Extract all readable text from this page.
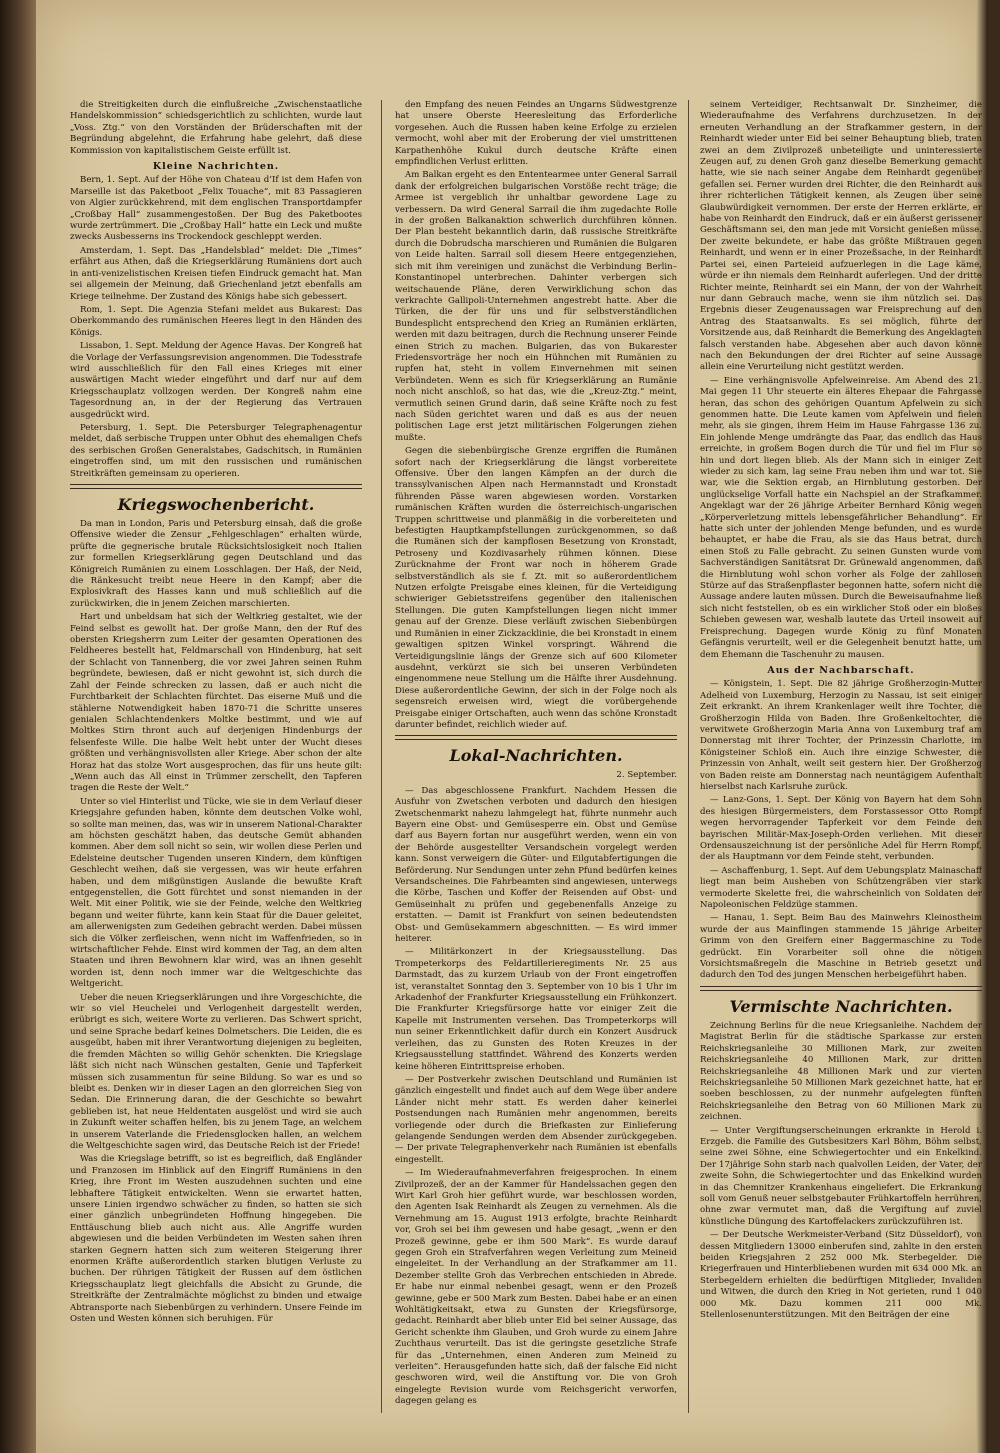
die Streitigkeiten durch die einflußreiche „Zwischenstaatliche Handelskommission“ schiedsgerichtlich zu schlichten, wurde laut „Voss. Ztg.“ von den Vorständen der Brüderschaften mit der Begründung abgelehnt, die Erfahrung habe gelehrt, daß diese Kommission von kapitalistischem Geiste erfüllt ist.

Kleine Nachrichten.

Bern, 1. Sept. Auf der Höhe von Chateau d’If ist dem Hafen von Marseille ist das Paketboot „Felix Touache“, mit 83 Passagieren von Algier zurückkehrend, mit dem englischen Transportdampfer „Croßbay Hall“ zusammengestoßen. Der Bug des Paketbootes wurde zertrümmert. Die „Croßbay Hall“ hatte ein Leck und mußte zwecks Ausbesserns ins Trockendock geschleppt werden.

Amsterdam, 1. Sept. Das „Handelsblad“ meldet: Die „Times“ erfährt aus Athen, daß die Kriegserklärung Rumäniens dort auch in anti-venizelistischen Kreisen tiefen Eindruck gemacht hat. Man sei allgemein der Meinung, daß Griechenland jetzt ebenfalls am Kriege teilnehme. Der Zustand des Königs habe sich gebessert.

Rom, 1. Sept. Die Agenzia Stefani meldet aus Bukarest: Das Oberkommando des rumänischen Heeres liegt in den Händen des Königs.

Lissabon, 1. Sept. Meldung der Agence Havas. Der Kongreß hat die Vorlage der Verfassungsrevision angenommen. Die Todesstrafe wird ausschließlich für den Fall eines Krieges mit einer auswärtigen Macht wieder eingeführt und darf nur auf dem Kriegsschauplatz vollzogen werden. Der Kongreß nahm eine Tagesordnung an, in der der Regierung das Vertrauen ausgedrückt wird.

Petersburg, 1. Sept. Die Petersburger Telegraphenagentur meldet, daß serbische Truppen unter Obhut des ehemaligen Chefs des serbischen Großen Generalstabes, Gadschitsch, in Rumänien eingetroffen sind, um mit den russischen und rumänischen Streitkräften gemeinsam zu operieren.

Kriegswochenbericht.

Da man in London, Paris und Petersburg einsah, daß die große Offensive wieder die Zensur „Fehlgeschlagen“ erhalten würde, prüfte die gegnerische brutale Rücksichtslosigkeit noch Italien zur formellen Kriegserklärung gegen Deutschland und das Königreich Rumänien zu einem Losschlagen. Der Haß, der Neid, die Ränkesucht treibt neue Heere in den Kampf; aber die Explosivkraft des Hasses kann und muß schließlich auf die zurückwirken, die in jenem Zeichen marschierten.

Hart und unbeldsam hat sich der Weltkrieg gestaltet, wie der Feind selbst es gewollt hat. Der große Mann, den der Ruf des obersten Kriegsherrn zum Leiter der gesamten Operationen des Feldheeres bestellt hat, Feldmarschall von Hindenburg, hat seit der Schlacht von Tannenberg, die vor zwei Jahren seinen Ruhm begründete, bewiesen, daß er nicht gewohnt ist, sich durch die Zahl der Feinde schrecken zu lassen, daß er auch nicht die Furchtbarkeit der Schlachten fürchtet. Das eiserne Muß und die stählerne Notwendigkeit haben 1870-71 die Schritte unseres genialen Schlachtendenkers Moltke bestimmt, und wie auf Moltkes Stirn thront auch auf derjenigen Hindenburgs der felsenfeste Wille. Die halbe Welt hebt unter der Wucht dieses größten und verhängnisvollsten aller Kriege. Aber schon der alte Horaz hat das stolze Wort ausgesprochen, das für uns heute gilt: „Wenn auch das All einst in Trümmer zerschellt, den Tapferen tragen die Reste der Welt.“

Unter so viel Hinterlist und Tücke, wie sie in dem Verlauf dieser Kriegsjahre gefunden haben, könnte dem deutschen Volke wohl, so sollte man meinen, das, was wir in unserem National-Charakter am höchsten geschätzt haben, das deutsche Gemüt abhanden kommen. Aber dem soll nicht so sein, wir wollen diese Perlen und Edelsteine deutscher Tugenden unseren Kindern, dem künftigen Geschlecht weihen, daß sie vergessen, was wir heute erfahren haben, und dem mißgünstigen Auslande die bewußte Kraft entgegenstellen, die Gott fürchtet und sonst niemanden in der Welt. Mit einer Politik, wie sie der Feinde, welche den Weltkrieg begann und weiter führte, kann kein Staat für die Dauer geleitet, am allerwenigsten zum Gedeihen gebracht werden. Dabei müssen sich die Völker zerfleischen, wenn nicht im Waffenfrieden, so in wirtschaftlicher Fehde. Einst wird kommen der Tag, an dem alten Staaten und ihren Bewohnern klar wird, was an ihnen gesehlt worden ist, denn noch immer war die Weltgeschichte das Weltgericht.

Ueber die neuen Kriegserklärungen und ihre Vorgeschichte, die wir so viel Heuchelei und Verlogenheit dargestellt werden, erübrigt es sich, weitere Worte zu verlieren. Das Schwert spricht, und seine Sprache bedarf keines Dolmetschers. Die Leiden, die es ausgeübt, haben mit ihrer Verantwortung diejenigen zu begleiten, die fremden Mächten so willig Gehör schenkten. Die Kriegslage läßt sich nicht nach Wünschen gestalten, Genie und Tapferkeit müssen sich zusammentun für seine Bildung. So war es und so bleibt es. Denken wir in dieser Lagen an den glorreichen Sieg von Sedan. Die Erinnerung daran, die der Geschichte so bewahrt geblieben ist, hat neue Heldentaten ausgelöst und wird sie auch in Zukunft weiter schaffen helfen, bis zu jenem Tage, an welchem in unserem Vaterlande die Friedensglocken hallen, an welchem die Weltgeschichte sagen wird, das Deutsche Reich ist der Friede!

Was die Kriegslage betrifft, so ist es begreiflich, daß Engländer und Franzosen im Hinblick auf den Eingriff Rumäniens in den Krieg, ihre Front im Westen auszudehnen suchten und eine lebhaftere Tätigkeit entwickelten. Wenn sie erwartet hatten, unsere Linien irgendwo schwächer zu finden, so hatten sie sich einer gänzlich unbegründeten Hoffnung hingegeben. Die Enttäuschung blieb auch nicht aus. Alle Angriffe wurden abgewiesen und die beiden Verbündeten im Westen sahen ihren starken Gegnern hatten sich zum weiteren Steigerung ihrer enormen Kräfte außerordentlich starken blutigen Verluste zu buchen. Der rührigen Tätigkeit der Russen auf dem östlichen Kriegsschauplatz liegt gleichfalls die Absicht zu Grunde, die Streitkräfte der Zentralmächte möglichst zu binden und etwaige Abtransporte nach Siebenbürgen zu verhindern. Unsere Feinde im Osten und Westen können sich beruhigen. Für

den Empfang des neuen Feindes an Ungarns Südwestgrenze hat unsere Oberste Heeresleitung das Erforderliche vorgesehen. Auch die Russen haben keine Erfolge zu erzielen vermocht, wohl aber mit der Eroberung der viel umstrittenen Karpathenhöhe Kukul durch deutsche Kräfte einen empfindlichen Verlust erlitten.

Am Balkan ergeht es den Ententearmee unter General Sarrail dank der erfolgreichen bulgarischen Vorstöße recht träge; die Armee ist vergeblich ihr unhaltbar gewordene Lage zu verbessern. Da wird General Sarrail die ihm zugedachte Rolle in der großen Balkanaktion schwerlich durchführen können. Der Plan besteht bekanntlich darin, daß russische Streitkräfte durch die Dobrudscha marschieren und Rumänien die Bulgaren von Leide halten. Sarrail soll diesem Heere entgegenziehen, sich mit ihm vereinigen und zunächst die Verbindung Berlin–Konstantinopel unterbrechen. Dahinter verbergen sich weitschauende Pläne, deren Verwirklichung schon das verkrachte Gallipoli-Unternehmen angestrebt hatte. Aber die Türken, die der für uns und für selbstverständlichen Bundesplicht entsprechend den Krieg an Rumänien erklärten, werden mit dazu beitragen, durch die Rechnung unserer Feinde einen Strich zu machen. Bulgarien, das von Bukarester Friedensvorträge her noch ein Hühnchen mit Rumänien zu rupfen hat, steht in vollem Einvernehmen mit seinen Verbündeten. Wenn es sich für Kriegserklärung an Rumänie noch nicht anschloß, so hat das, wie die „Kreuz-Ztg.“ meint, vermutlich seinen Grund darin, daß seine Kräfte noch zu fest nach Süden gerichtet waren und daß es aus der neuen politischen Lage erst jetzt militärischen Folgerungen ziehen mußte.

Gegen die siebenbürgische Grenze ergriffen die Rumänen sofort nach der Kriegserklärung die längst vorbereitete Offensive. Über den langen Kämpfen an der durch die transsylvanischen Alpen nach Hermannstadt und Kronstadt führenden Pässe waren abgewiesen worden. Vorstarken rumänischen Kräften wurden die österreichisch-ungarischen Truppen schrittweise und planmäßig in die vorbereiteten und befestigten Hauptkampfstellungen zurückgenommen, so daß die Rumänen sich der kampflosen Besetzung von Kronstadt, Petroseny und Kozdivasarhely rühmen können. Diese Zurücknahme der Front war noch in höherem Grade selbstverständlich als sie f. Zt. mit so außerordentlichem Nutzen erfolgte Preisgabe eines kleinen, für die Verteidigung schwieriger Gebietsstreifens gegenüber den italienischen Stellungen. Die guten Kampfstellungen liegen nicht immer genau auf der Grenze. Diese verläuft zwischen Siebenbürgen und Rumänien in einer Zickzacklinie, die bei Kronstadt in einem gewaltigen spitzen Winkel vorspringt. Während die Verteidigungslinie längs der Grenze sich auf 600 Kilometer ausdehnt, verkürzt sie sich bei unseren Verbündeten eingenommene neue Stellung um die Hälfte ihrer Ausdehnung. Diese außerordentliche Gewinn, der sich in der Folge noch als segensreich erweisen wird, wiegt die vorübergehende Preisgabe einiger Ortschaften, auch wenn das schöne Kronstadt darunter befindet, reichlich wieder auf.

Lokal-Nachrichten.
2. September.

— Das abgeschlossene Frankfurt. Nachdem Hessen die Ausfuhr von Zwetschen verboten und dadurch den hiesigen Zwetschenmarkt nahezu lahmgelegt hat, führte nunmehr auch Bayern eine Obst- und Gemüsesperre ein. Obst und Gemüse darf aus Bayern fortan nur ausgeführt werden, wenn ein von der Behörde ausgestellter Versandschein vorgelegt werden kann. Sonst verweigern die Güter- und Eilgutabfertigungen die Beförderung. Nur Sendungen unter zehn Pfund bedürfen keines Versandscheines. Die Fahrbeamten sind angewiesen, unterwegs die Körbe, Taschen und Koffer der Reisenden auf Obst- und Gemüseinhalt zu prüfen und gegebenenfalls Anzeige zu erstatten. — Damit ist Frankfurt von seinen bedeutendsten Obst- und Gemüsekammern abgeschnitten. — Es wird immer heiterer.

— Militärkonzert in der Kriegsausstellung. Das Trompeterkorps des Feldartillerieregiments Nr. 25 aus Darmstadt, das zu kurzem Urlaub von der Front eingetroffen ist, veranstaltet Sonntag den 3. September von 10 bis 1 Uhr im Arkadenhof der Frankfurter Kriegsausstellung ein Frühkonzert. Die Frankfurter Kriegsfürsorge hatte vor einiger Zeit die Kapelle mit Instrumenten versehen. Das Trompeterkorps will nun seiner Erkenntlichkeit dafür durch ein Konzert Ausdruck verleihen, das zu Gunsten des Roten Kreuzes in der Kriegsausstellung stattfindet. Während des Konzerts werden keine höheren Eintrittspreise erhoben.

— Der Postverkehr zwischen Deutschland und Rumänien ist gänzlich eingestellt und findet auch auf dem Wege über andere Länder nicht mehr statt. Es werden daher keinerlei Postsendungen nach Rumänien mehr angenommen, bereits vorliegende oder durch die Briefkasten zur Einlieferung gelangende Sendungen werden dem Absender zurückgegeben. — Der private Telegraphenverkehr nach Rumänien ist ebenfalls eingestellt.

— Im Wiederaufnahmeverfahren freigesprochen. In einem Zivilprozeß, der an der Kammer für Handelssachen gegen den Wirt Karl Groh hier geführt wurde, war beschlossen worden, den Agenten Isak Reinhardt als Zeugen zu vernehmen. Als die Vernehmung am 15. August 1913 erfolgte, brachte Reinhardt vor, Groh sei bei ihm gewesen und habe gesagt, „wenn er den Prozeß gewinne, gebe er ihm 500 Mark“. Es wurde darauf gegen Groh ein Strafverfahren wegen Verleitung zum Meineid eingeleitet. In der Verhandlung an der Strafkammer am 11. Dezember stellte Groh das Verbrechen entschieden in Abrede. Er habe nur einmal nebenbei gesagt, wenn er den Prozeß gewinne, gebe er 500 Mark zum Besten. Dabei habe er an einen Wohltätigkeitsakt, etwa zu Gunsten der Kriegsfürsorge, gedacht. Reinhardt aber blieb unter Eid bei seiner Aussage, das Gericht schenkte ihm Glauben, und Groh wurde zu einem Jahre Zuchthaus verurteilt. Das ist die geringste gesetzliche Strafe für das „Unternehmen, einen Anderen zum Meineid zu verleiten“. Herausgefunden hatte sich, daß der falsche Eid nicht geschworen wird, weil die Anstiftung vor. Die von Groh eingelegte Revision wurde vom Reichsgericht verworfen, dagegen gelang es

seinem Verteidiger, Rechtsanwalt Dr. Sinzheimer, die Wiederaufnahme des Verfahrens durchzusetzen. In der erneuten Verhandlung an der Strafkammer gestern, in der Reinhardt wieder unter Eid bei seiner Behauptung blieb, traten zwei an dem Zivilprozeß unbeteiligte und uninteressierte Zeugen auf, zu denen Groh ganz dieselbe Bemerkung gemacht hatte, wie sie nach seiner Angabe dem Reinhardt gegenüber gefallen sei. Ferner wurden drei Richter, die den Reinhardt aus ihrer richterlichen Tätigkeit kennen, als Zeugen über seine Glaubwürdigkeit vernommen. Der erste der Herren erklärte, er habe von Reinhardt den Eindruck, daß er ein äußerst gerissener Geschäftsmann sei, den man jede mit Vorsicht genießen müsse. Der zweite bekundete, er habe das größte Mißtrauen gegen Reinhardt, und wenn er in einer Prozeßsache, in der Reinhardt Partei sei, einen Parteieid aufzuerlegen in die Lage käme, würde er ihn niemals dem Reinhardt auferlegen. Und der dritte Richter meinte, Reinhardt sei ein Mann, der von der Wahrheit nur dann Gebrauch mache, wenn sie ihm nützlich sei. Das Ergebnis dieser Zeugenaussagen war Freisprechung auf den Antrag des Staatsanwalts. Es sei möglich, führte der Vorsitzende aus, daß Reinhardt die Bemerkung des Angeklagten falsch verstanden habe. Abgesehen aber auch davon könne nach den Bekundungen der drei Richter auf seine Aussage allein eine Verurteilung nicht gestützt werden.

— Eine verhängnisvolle Apfelweinreise. Am Abend des 21. Mai gegen 11 Uhr steuerte ein älteres Ehepaar die Fahrgasse heran, das schon des gehörigen Quantum Apfelwein zu sich genommen hatte. Die Leute kamen vom Apfelwein und fielen mehr, als sie gingen, ihrem Heim im Hause Fahrgasse 136 zu. Ein johlende Menge umdrängte das Paar, das endlich das Haus erreichte, in großem Bogen durch die Tür und fiel im Flur so hin und dort liegen blieb. Als der Mann sich in einiger Zeit wieder zu sich kam, lag seine Frau neben ihm und war tot. Sie war, wie die Sektion ergab, an Hirnblutung gestorben. Der unglückselige Vorfall hatte ein Nachspiel an der Strafkammer. Angeklagt war der 26 jährige Arbeiter Bernhard König wegen „Körperverletzung mittels lebensgefährlicher Behandlung“. Er hatte sich unter der johlenden Menge befunden, und es wurde behauptet, er habe die Frau, als sie das Haus betrat, durch einen Stoß zu Falle gebracht. Zu seinen Gunsten wurde vom Sachverständigen Sanitätsrat Dr. Grünewald angenommen, daß die Hirnblutung wohl schon vorher als Folge der zahllosen Stürze auf das Straßenpflaster begonnen hatte, sofern nicht die Aussage andere lauten müssen. Durch die Beweisaufnahme ließ sich nicht feststellen, ob es ein wirklicher Stoß oder ein bloßes Schieben gewesen war, weshalb lautete das Urteil insoweit auf Freisprechung. Dagegen wurde König zu fünf Monaten Gefängnis verurteilt, weil er die Gelegenheit benutzt hatte, um dem Ehemann die Taschenuhr zu mausen.

Aus der Nachbarschaft.

— Königstein, 1. Sept. Die 82 jährige Großherzogin-Mutter Adelheid von Luxemburg, Herzogin zu Nassau, ist seit einiger Zeit erkrankt. An ihrem Krankenlager weilt ihre Tochter, die Großherzogin Hilda von Baden. Ihre Großenkeltochter, die verwitwete Großherzogin Maria Anna von Luxemburg traf am Donnerstag mit ihrer Tochter, der Prinzessin Charlotte, im Königsteiner Schloß ein. Auch ihre einzige Schwester, die Prinzessin von Anhalt, weilt seit gestern hier. Der Großherzog von Baden reiste am Donnerstag nach neuntägigem Aufenthalt hierselbst nach Karlsruhe zurück.

— Lanz-Gons, 1. Sept. Der König von Bayern hat dem Sohn des hiesigen Bürgermeisters, dem Forstassessor Otto Rompf wegen hervorragender Tapferkeit vor dem Feinde den bayrischen Militär-Max-Joseph-Orden verliehen. Mit dieser Ordensauszeichnung ist der persönliche Adel für Herrn Rompf, der als Hauptmann vor dem Feinde steht, verbunden.

— Aschaffenburg, 1. Sept. Auf dem Uebungsplatz Mainaschaff liegt man beim Ausheben von Schützengräben vier stark vermoderte Skelette frei, die wahrscheinlich von Soldaten der Napoleonischen Feldzüge stammen.

— Hanau, 1. Sept. Beim Bau des Mainwehrs Kleinostheim wurde der aus Mainflingen stammende 15 jährige Arbeiter Grimm von den Greifern einer Baggermaschine zu Tode gedrückt. Ein Vorarbeiter soll ohne die nötigen Vorsichtsmaßregeln die Maschine in Betrieb gesetzt und dadurch den Tod des jungen Menschen herbeigeführt haben.

Vermischte Nachrichten.

Zeichnung Berlins für die neue Kriegsanleihe. Nachdem der Magistrat Berlin für die städtische Sparkasse zur ersten Reichskriegsanleihe 30 Millionen Mark, zur zweiten Reichskriegsanleihe 40 Millionen Mark, zur dritten Reichskriegsanleihe 48 Millionen Mark und zur vierten Reichskriegsanleihe 50 Millionen Mark gezeichnet hatte, hat er soeben beschlossen, zu der nunmehr aufgelegten fünften Reichskriegsanleihe den Betrag von 60 Millionen Mark zu zeichnen.

— Unter Vergiftungserscheinungen erkrankte in Herold i. Erzgeb. die Familie des Gutsbesitzers Karl Böhm, Böhm selbst, seine zwei Söhne, eine Schwiegertochter und ein Enkelkind. Der 17jährige Sohn starb nach qualvollen Leiden, der Vater, der zweite Sohn, die Schwiegertochter und das Enkelkind wurden in das Chemnitzer Krankenhaus eingeliefert. Die Erkrankung soll vom Genuß neuer selbstgebauter Frühkartoffeln herrühren, ohne zwar vermutet man, daß die Vergiftung auf zuviel künstliche Düngung des Kartoffelackers zurückzuführen ist.

— Der Deutsche Werkmeister-Verband (Sitz Düsseldorf), von dessen Mitgliedern 13000 einberufen sind, zahlte in den ersten beiden Kriegsjahren 2 252 000 Mk. Sterbegelder. Die Kriegerfrauen und Hinterbliebenen wurden mit 634 000 Mk. an Sterbegeldern erhielten die bedürftigen Mitglieder, Invaliden und Witwen, die durch den Krieg in Not gerieten, rund 1 040 000 Mk. Dazu kommen 211 000 Mk. Stellenlosenunterstützungen. Mit den Beiträgen der eine
